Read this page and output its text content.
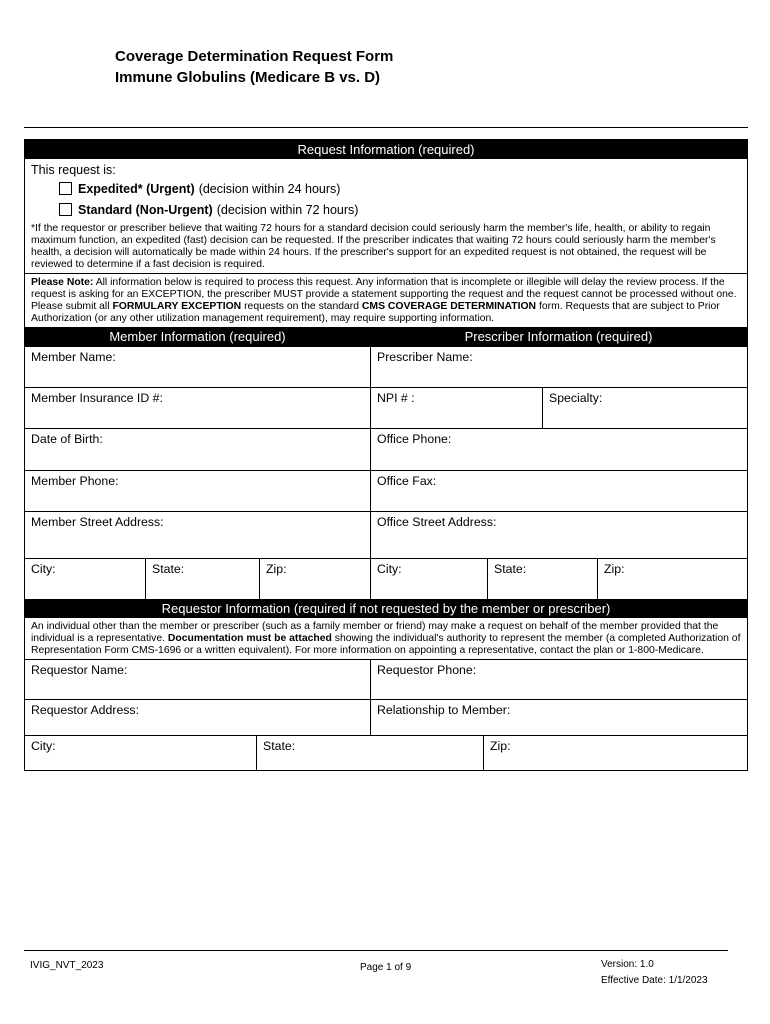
Coverage Determination Request Form
Immune Globulins (Medicare B vs. D)
Request Information (required)
This request is:
Expedited* (Urgent) (decision within 24 hours)
Standard (Non-Urgent) (decision within 72 hours)
*If the requestor or prescriber believe that waiting 72 hours for a standard decision could seriously harm the member's life, health, or ability to regain maximum function, an expedited (fast) decision can be requested. If the prescriber indicates that waiting 72 hours could seriously harm the member's health, a decision will automatically be made within 24 hours. If the prescriber's support for an expedited request is not obtained, the request will be reviewed to determine if a fast decision is required.
Please Note: All information below is required to process this request. Any information that is incomplete or illegible will delay the review process. If the request is asking for an EXCEPTION, the prescriber MUST provide a statement supporting the request and the request cannot be processed without one. Please submit all FORMULARY EXCEPTION requests on the standard CMS COVERAGE DETERMINATION form. Requests that are subject to Prior Authorization (or any other utilization management requirement), may require supporting information.
Member Information (required)	Prescriber Information (required)
Member Name:	Prescriber Name:
Member Insurance ID #:	NPI # :	Specialty:
Date of Birth:	Office Phone:
Member Phone:	Office Fax:
Member Street Address:	Office Street Address:
City:	State:	Zip:	City:	State:	Zip:
Requestor Information (required if not requested by the member or prescriber)
An individual other than the member or prescriber (such as a family member or friend) may make a request on behalf of the member provided that the individual is a representative. Documentation must be attached showing the individual's authority to represent the member (a completed Authorization of Representation Form CMS-1696 or a written equivalent). For more information on appointing a representative, contact the plan or 1-800-Medicare.
Requestor Name:	Requestor Phone:
Requestor Address:	Relationship to Member:
City:	State:	Zip:
IVIG_NVT_2023	Page 1 of 9	Version: 1.0
Effective Date: 1/1/2023
